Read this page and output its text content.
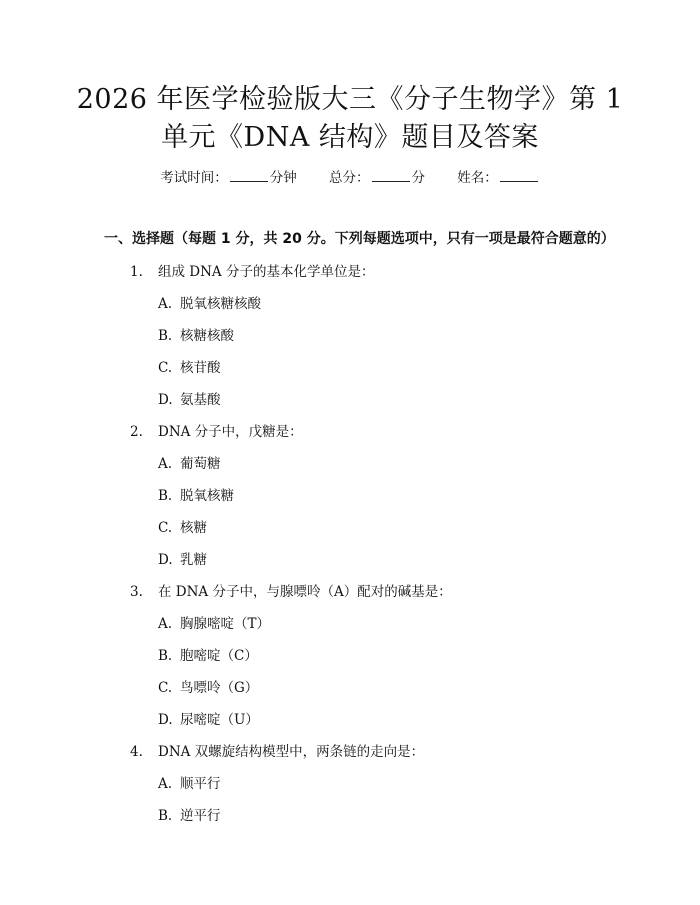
2026 年医学检验版大三《分子生物学》第 1
单元《DNA 结构》题目及答案
考试时间：	分钟 总分：	分 姓名：
一、选择题（每题 1 分，共 20 分。下列每题选项中，只有一项是最符合题意的）
1.	组成 DNA 分子的基本化学单位是：
A. 脱氧核糖核酸
B. 核糖核酸
C. 核苷酸
D. 氨基酸
2.	DNA 分子中，戊糖是：
A. 葡萄糖
B. 脱氧核糖
C. 核糖
D. 乳糖
3.	在 DNA 分子中，与腺嘌呤（A）配对的碱基是：
A. 胸腺嘧啶（T）
B. 胞嘧啶（C）
C. 鸟嘌呤（G）
D. 尿嘧啶（U）
4.	DNA 双螺旋结构模型中，两条链的走向是：
A. 顺平行
B. 逆平行
